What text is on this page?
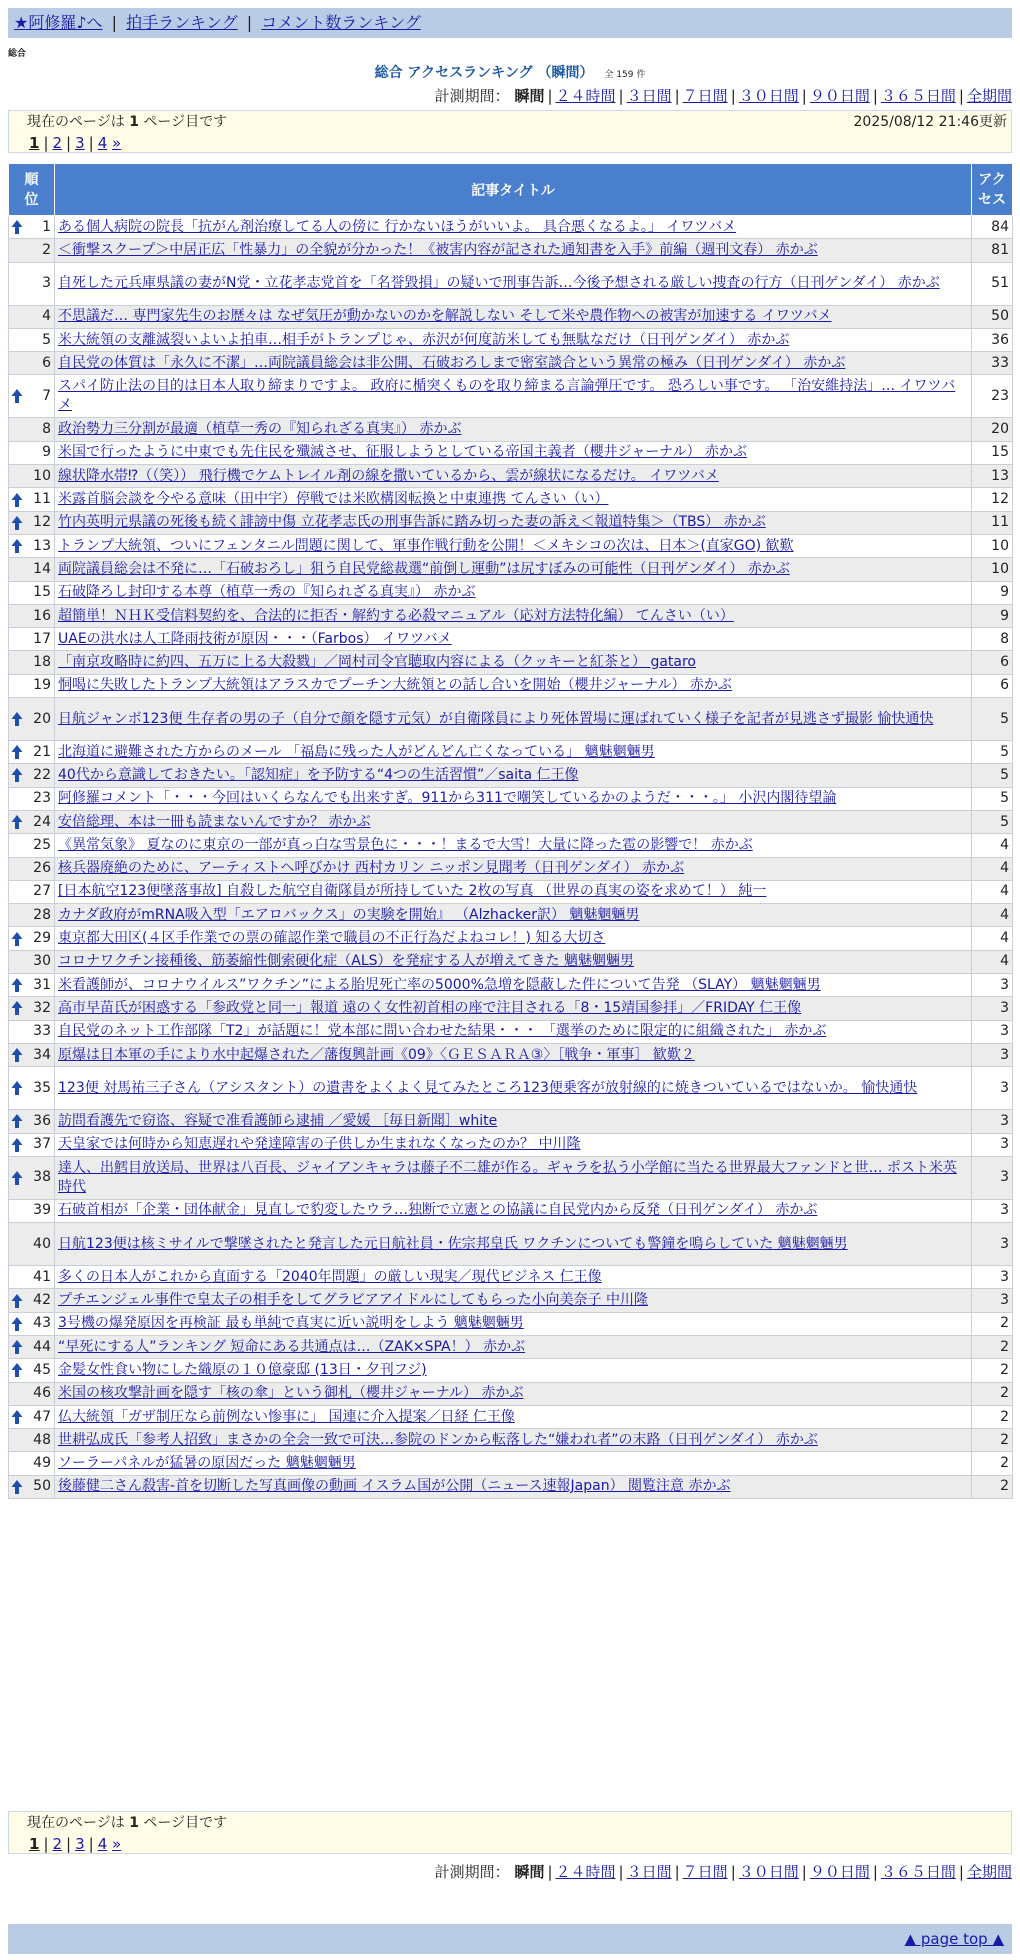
★阿修羅♪へ | 拍手ランキング | コメント数ランキング
総合
総合 アクセスランキング （瞬間） 全 159 件
計測期間： 瞬間 | ２４時間 | ３日間 | ７日間 | ３０日間 | ９０日間 | ３６５日間 | 全期間
現在のページは 1 ページ目です	2025/08/12 21:46更新
1 | 2 | 3 | 4 »
順位	記事タイトル	アクセス

1	ある個人病院の院長「抗がん剤治療してる人の傍に 行かないほうがいいよ。 具合悪くなるよ。」 イワツバメ	84
2	＜衝撃スクープ＞中居正広「性暴力」の全貌が分かった！《被害内容が記された通知書を入手》前編（週刊文春） 赤かぶ	81
3	自死した元兵庫県議の妻がN党・立花孝志党首を「名誉毀損」の疑いで刑事告訴…今後予想される厳しい捜査の行方（日刊ゲンダイ） 赤かぶ	51
4	不思議だ… 専門家先生のお歴々は なぜ気圧が動かないのかを解説しない そして米や農作物への被害が加速する イワツバメ	50
5	米大統領の支離滅裂いよいよ拍車…相手がトランプじゃ、赤沢が何度訪米しても無駄なだけ（日刊ゲンダイ） 赤かぶ	36
6	自民党の体質は「永久に不潔」…両院議員総会は非公開、石破おろしまで密室談合という異常の極み（日刊ゲンダイ） 赤かぶ	33

7	スパイ防止法の目的は日本人取り締まりですよ。 政府に楯突くものを取り締まる言論弾圧です。 恐ろしい事です。 「治安維持法」… イワツバメ	23
8	政治勢力三分割が最適（植草一秀の『知られざる真実』） 赤かぶ	20
9	米国で行ったように中東でも先住民を殲滅させ、征服しようとしている帝国主義者（櫻井ジャーナル） 赤かぶ	15
10	線状降水帯⁉（（笑）） 飛行機でケムトレイル剤の線を撒いているから、雲が線状になるだけ。 イワツバメ	13

11	米露首脳会談を今やる意味（田中宇）停戦では米欧構図転換と中東連携 てんさい（い）	12

12	竹内英明元県議の死後も続く誹謗中傷 立花孝志氏の刑事告訴に踏み切った妻の訴え＜報道特集＞（TBS） 赤かぶ	11

13	トランプ大統領、ついにフェンタニル問題に関して、軍事作戦行動を公開！＜メキシコの次は、日本＞(直家GO) 歓歎	10
14	両院議員総会は不発に…「石破おろし」狙う自民党総裁選“前倒し運動”は尻すぼみの可能性（日刊ゲンダイ） 赤かぶ	10
15	石破降ろし封印する本尊（植草一秀の『知られざる真実』） 赤かぶ	9
16	超簡単！ＮＨＫ受信料契約を、合法的に拒否・解約する必殺マニュアル（応対方法特化編） てんさい（い）	9
17	UAEの洪水は人工降雨技術が原因・・・（Farbos） イワツバメ	8
18	「南京攻略時に約四、五万に上る大殺戮」／岡村司令官聴取内容による（クッキーと紅茶と） gataro	6
19	恫喝に失敗したトランプ大統領はアラスカでプーチン大統領との話し合いを開始（櫻井ジャーナル） 赤かぶ	6

20	日航ジャンボ123便 生存者の男の子（自分で顔を隠す元気）が自衛隊員により死体置場に運ばれていく様子を記者が見逃さず撮影 愉快通快	5

21	北海道に避難された方からのメール 「福島に残った人がどんどん亡くなっている」 魑魅魍魎男	5

22	40代から意識しておきたい。「認知症」を予防する“4つの生活習慣”／saita 仁王像	5
23	阿修羅コメント「・・・今回はいくらなんでも出来すぎ。911から311で嘲笑しているかのようだ・・・。」 小沢内閣待望論	5

24	安倍総理、本は一冊も読まないんですか？ 赤かぶ	5
25	《異常気象》 夏なのに東京の一部が真っ白な雪景色に・・・！まるで大雪！大量に降った雹の影響で！ 赤かぶ	4
26	核兵器廃絶のために、アーティストへ呼びかけ 西村カリン ニッポン見聞考（日刊ゲンダイ） 赤かぶ	4
27	[日本航空123便墜落事故] 自殺した航空自衛隊員が所持していた 2枚の写真 （世界の真実の姿を求めて！） 純一	4
28	カナダ政府がmRNA吸入型「エアロバックス」の実験を開始』 （Alzhacker訳） 魑魅魍魎男	4

29	東京都大田区(４区手作業での票の確認作業で職員の不正行為だよねコレ！) 知る大切さ	4
30	コロナワクチン接種後、筋萎縮性側索硬化症（ALS）を発症する人が増えてきた 魑魅魍魎男	4

31	米看護師が、コロナウイルス”ワクチン”による胎児死亡率の5000%急増を隠蔽した件について告発 （SLAY） 魑魅魍魎男	3

32	高市早苗氏が困惑する「参政党と同一」報道 遠のく女性初首相の座で注目される「8・15靖国参拝」／FRIDAY 仁王像	3
33	自民党のネット工作部隊「T2」が話題に！党本部に問い合わせた結果・・・ 「選挙のために限定的に組織された」 赤かぶ	3

34	原爆は日本軍の手により水中起爆された／藩復興計画《09》〈ＧＥＳＡＲＡ③〉［戦争・軍事］ 歓歎２	3

35	123便 対馬祐三子さん（アシスタント）の遺書をよくよく見てみたところ123便乗客が放射線的に焼きついているではないか。 愉快通快	3

36	訪問看護先で窃盗、容疑で准看護師ら逮捕 ／愛媛 ［毎日新聞］white	3

37	天皇家では何時から知恵遅れや発達障害の子供しか生まれなくなったのか？ 中川隆	3

38	達人、出鱈目放送局、世界は八百長、ジャイアンキャラは藤子不二雄が作る。ギャラを払う小学館に当たる世界最大ファンドと世… ポスト米英時代	3
39	石破首相が「企業・団体献金」見直しで豹変したウラ…独断で立憲との協議に自民党内から反発（日刊ゲンダイ） 赤かぶ	3
40	日航123便は核ミサイルで撃墜されたと発言した元日航社員・佐宗邦皇氏 ワクチンについても警鐘を鳴らしていた 魑魅魍魎男	3
41	多くの日本人がこれから直面する「2040年問題」の厳しい現実／現代ビジネス 仁王像	3

42	プチエンジェル事件で皇太子の相手をしてグラビアアイドルにしてもらった小向美奈子 中川隆	3

43	3号機の爆発原因を再検証 最も単純で真実に近い説明をしよう 魑魅魍魎男	2

44	“早死にする人”ランキング 短命にある共通点は…（ZAK×SPA！） 赤かぶ	2

45	金髪女性食い物にした織原の１０億豪邸 (13日・夕刊フジ)	2
46	米国の核攻撃計画を隠す「核の傘」という御札（櫻井ジャーナル） 赤かぶ	2

47	仏大統領「ガザ制圧なら前例ない惨事に」 国連に介入提案／日経 仁王像	2
48	世耕弘成氏「参考人招致」まさかの全会一致で可決…参院のドンから転落した“嫌われ者”の末路（日刊ゲンダイ） 赤かぶ	2
49	ソーラーパネルが猛暑の原因だった 魑魅魍魎男	2

50	後藤健二さん殺害-首を切断した写真画像の動画 イスラム国が公開（ニュース速報Japan） 閲覧注意 赤かぶ	2
現在のページは 1 ページ目です
1 | 2 | 3 | 4 »
計測期間： 瞬間 | ２４時間 | ３日間 | ７日間 | ３０日間 | ９０日間 | ３６５日間 | 全期間
▲ page top ▲
